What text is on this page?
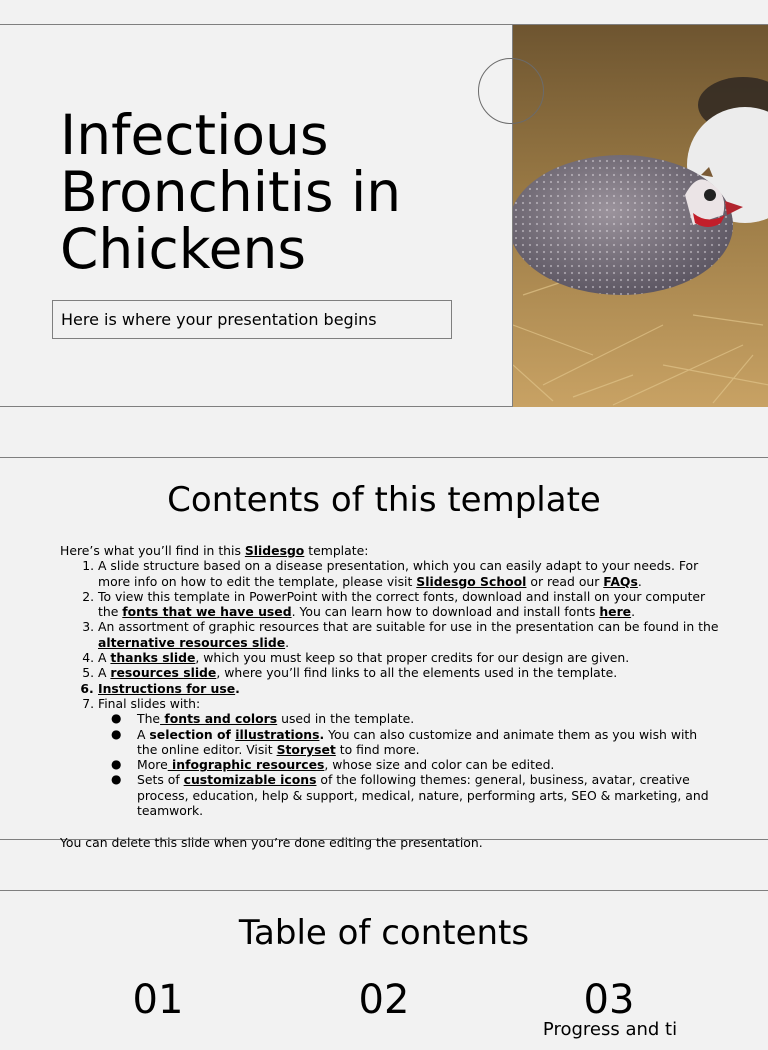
Infectious
Bronchitis in
Chickens
Here is where your presentation begins
Contents of this template

Here’s what you’ll find in this Slidesgo template:

1. A slide structure based on a disease presentation, which you can easily adapt to your needs. For more info on how to edit the template, please visit Slidesgo School or read our FAQs.
2. To view this template in PowerPoint with the correct fonts, download and install on your computer the fonts that we have used. You can learn how to download and install fonts here.
3. An assortment of graphic resources that are suitable for use in the presentation can be found in the alternative resources slide.
4. A thanks slide, which you must keep so that proper credits for our design are given.
5. A resources slide, where you’ll find links to all the elements used in the template.
6. Instructions for use.
7. Final slides with:
● The fonts and colors used in the template.
● A selection of illustrations. You can also customize and animate them as you wish with the online editor. Visit Storyset to find more.
● More infographic resources, whose size and color can be edited.
● Sets of customizable icons of the following themes: general, business, avatar, creative process, education, help & support, medical, nature, performing arts, SEO & marketing, and teamwork.
You can delete this slide when you’re done editing the presentation.
Table of contents
01	02	03
Progress and ti
